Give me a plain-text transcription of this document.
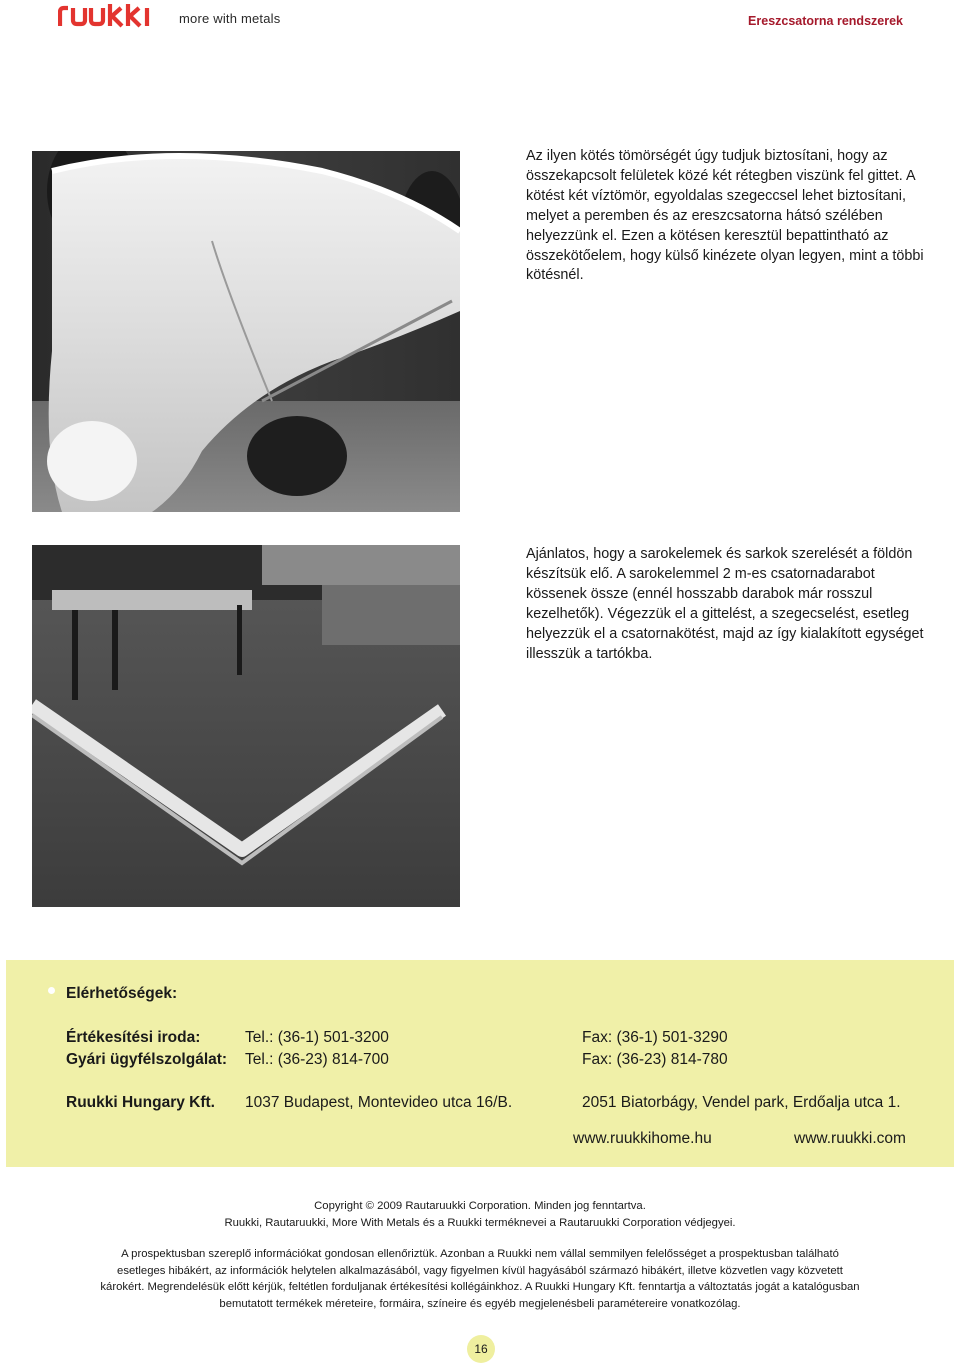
more with metals	Ereszcsatorna rendszerek
Az ilyen kötés tömörségét úgy tudjuk biztosítani, hogy az összekapcsolt felületek közé két rétegben viszünk fel gittet. A kötést két víztömör, egyoldalas szegeccsel lehet biztosítani, melyet a peremben és az ereszcsatorna hátsó szélében helyezzünk el. Ezen a kötésen keresztül bepattintható az összekötőelem, hogy külső kinézete olyan legyen, mint a többi kötésnél.
Ajánlatos, hogy a sarokelemek és sarkok szerelését a földön készítsük elő. A sarokelemmel 2 m-es csatornadarabot kössenek össze (ennél hosszabb darabok már rosszul kezelhetők). Végezzük el a gittelést, a szegecselést, esetleg helyezzük el a csatornakötést, majd az így kialakított egységet illesszük a tartókba.
Elérhetőségek:
Értékesítési iroda:	Tel.: (36-1) 501-3200	Fax: (36-1) 501-3290
Gyári ügyfélszolgálat: Tel.: (36-23) 814-700	Fax: (36-23) 814-780
Ruukki Hungary Kft. 1037 Budapest, Montevideo utca 16/B.	2051 Biatorbágy, Vendel park, Erdőalja utca 1.
www.ruukkihome.hu	www.ruukki.com
Copyright © 2009 Rautaruukki Corporation. Minden jog fenntartva.
Ruukki, Rautaruukki, More With Metals és a Ruukki terméknevei a Rautaruukki Corporation védjegyei.
A prospektusban szereplő információkat gondosan ellenőriztük. Azonban a Ruukki nem vállal semmilyen felelősséget a prospektusban található
esetleges hibákért, az információk helytelen alkalmazásából, vagy figyelmen kívül hagyásából származó hibákért, illetve közvetlen vagy közvetett
károkért. Megrendelésük előtt kérjük, feltétlen forduljanak értékesítési kollégáinkhoz. A Ruukki Hungary Kft. fenntartja a változtatás jogát a katalógusban
bemutatott termékek méreteire, formáira, színeire és egyéb megjelenésbeli paramétereire vonatkozólag.
16
